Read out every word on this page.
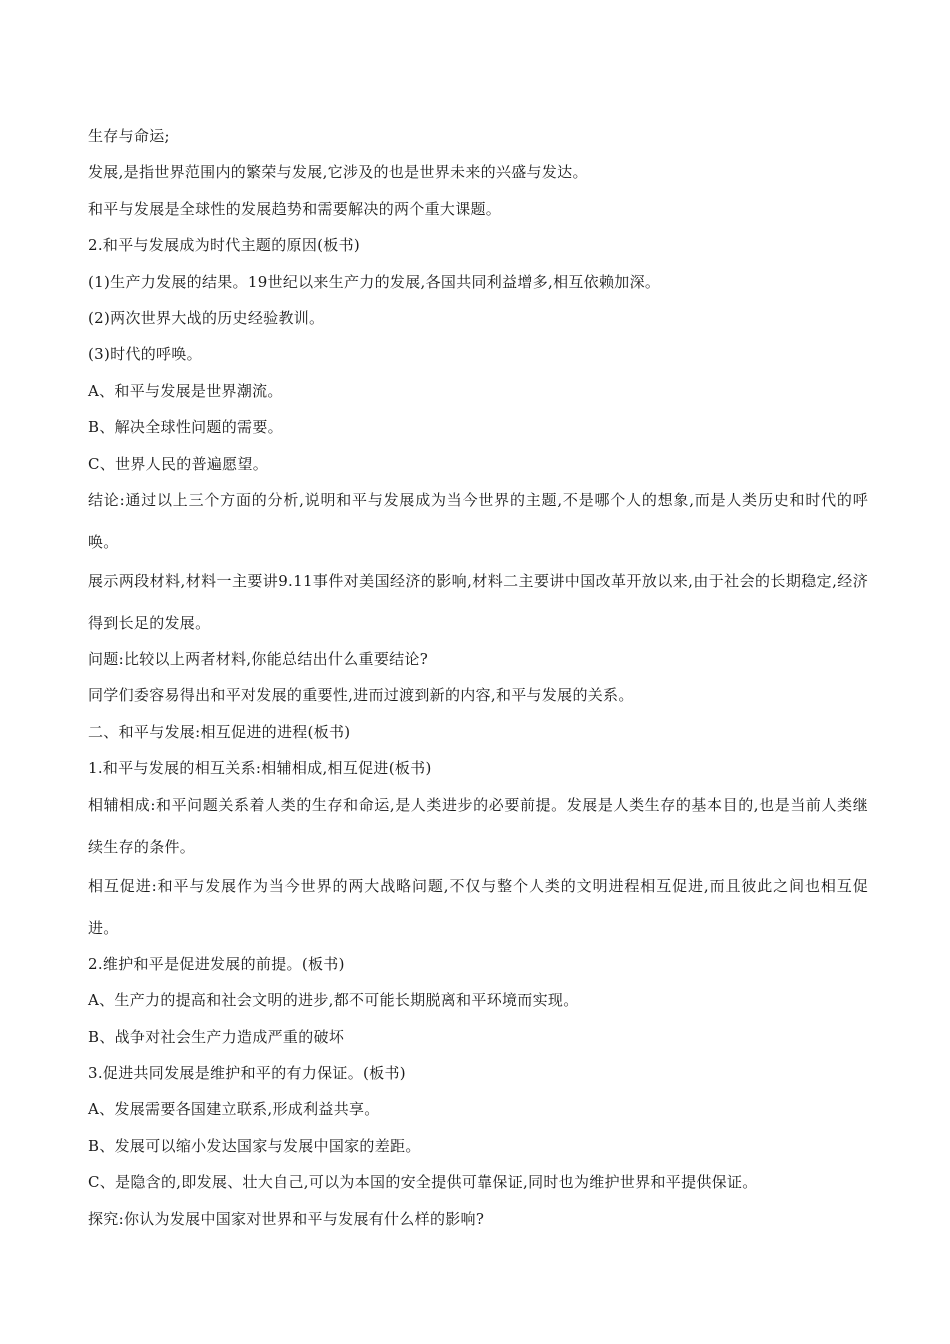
生存与命运;
发展,是指世界范围内的繁荣与发展,它涉及的也是世界未来的兴盛与发达。
和平与发展是全球性的发展趋势和需要解决的两个重大课题。
2.和平与发展成为时代主题的原因(板书)
(1)生产力发展的结果。19世纪以来生产力的发展,各国共同利益增多,相互依赖加深。
(2)两次世界大战的历史经验教训。
(3)时代的呼唤。
A、和平与发展是世界潮流。
B、解决全球性问题的需要。
C、世界人民的普遍愿望。
结论:通过以上三个方面的分析,说明和平与发展成为当今世界的主题,不是哪个人的想象,而是人类历史和时代的呼唤。
展示两段材料,材料一主要讲9.11事件对美国经济的影响,材料二主要讲中国改革开放以来,由于社会的长期稳定,经济得到长足的发展。
问题:比较以上两者材料,你能总结出什么重要结论?
同学们委容易得出和平对发展的重要性,进而过渡到新的内容,和平与发展的关系。
二、和平与发展:相互促进的进程(板书)
1.和平与发展的相互关系:相辅相成,相互促进(板书)
相辅相成:和平问题关系着人类的生存和命运,是人类进步的必要前提。发展是人类生存的基本目的,也是当前人类继续生存的条件。
相互促进:和平与发展作为当今世界的两大战略问题,不仅与整个人类的文明进程相互促进,而且彼此之间也相互促进。
2.维护和平是促进发展的前提。(板书)
A、生产力的提高和社会文明的进步,都不可能长期脱离和平环境而实现。
B、战争对社会生产力造成严重的破坏
3.促进共同发展是维护和平的有力保证。(板书)
A、发展需要各国建立联系,形成利益共享。
B、发展可以缩小发达国家与发展中国家的差距。
C、是隐含的,即发展、壮大自己,可以为本国的安全提供可靠保证,同时也为维护世界和平提供保证。
探究:你认为发展中国家对世界和平与发展有什么样的影响?
